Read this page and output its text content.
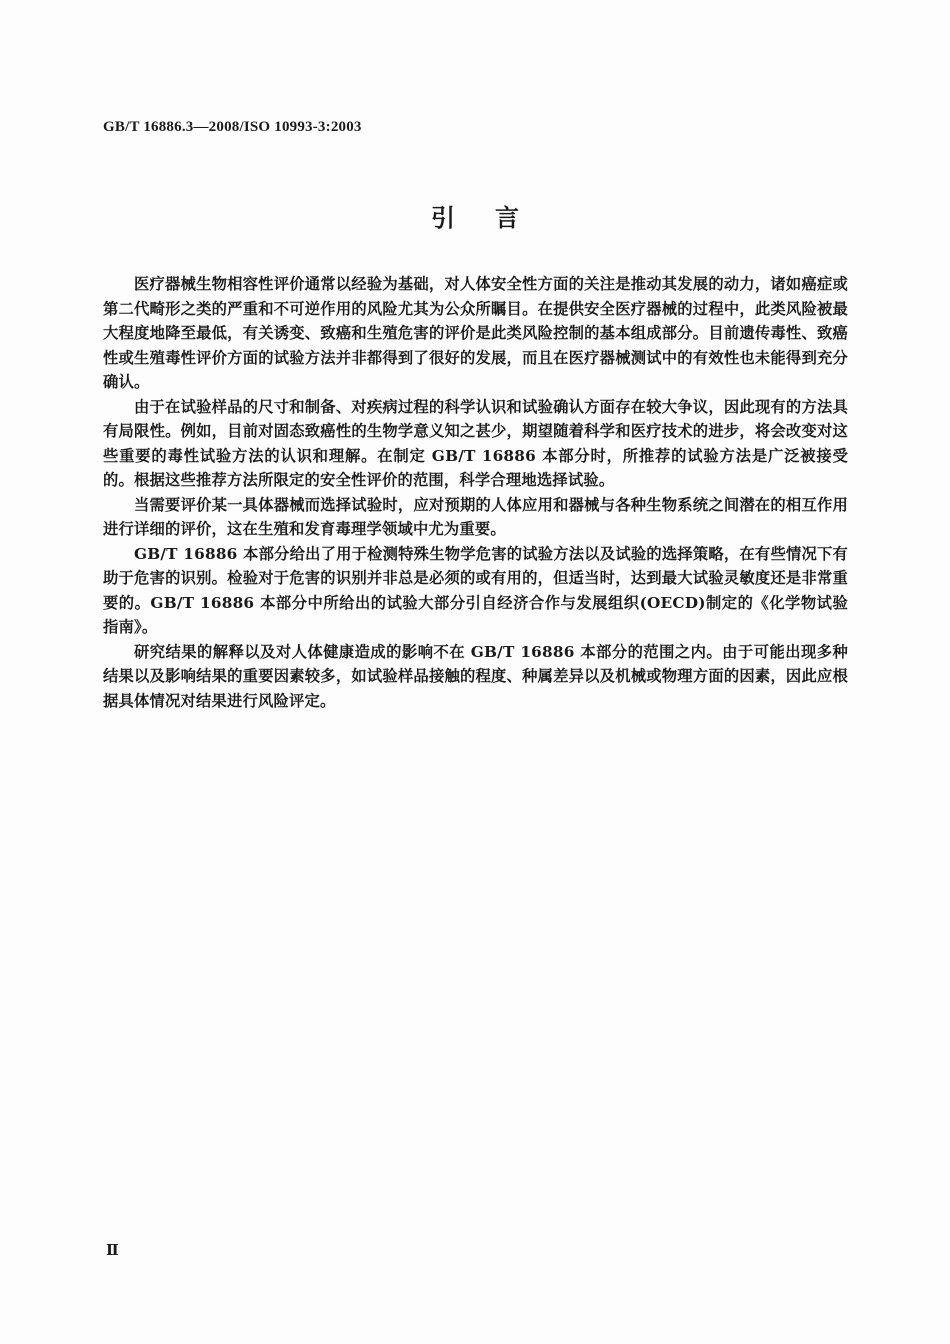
GB/T 16886.3—2008/ISO 10993-3:2003
引言

医疗器械生物相容性评价通常以经验为基础，对人体安全性方面的关注是推动其发展的动力，诸如癌症或第二代畸形之类的严重和不可逆作用的风险尤其为公众所瞩目。在提供安全医疗器械的过程中，此类风险被最大程度地降至最低，有关诱变、致癌和生殖危害的评价是此类风险控制的基本组成部分。目前遗传毒性、致癌性或生殖毒性评价方面的试验方法并非都得到了很好的发展，而且在医疗器械测试中的有效性也未能得到充分确认。

由于在试验样品的尺寸和制备、对疾病过程的科学认识和试验确认方面存在较大争议，因此现有的方法具有局限性。例如，目前对固态致癌性的生物学意义知之甚少，期望随着科学和医疗技术的进步，将会改变对这些重要的毒性试验方法的认识和理解。在制定 GB/T 16886 本部分时，所推荐的试验方法是广泛被接受的。根据这些推荐方法所限定的安全性评价的范围，科学合理地选择试验。

当需要评价某一具体器械而选择试验时，应对预期的人体应用和器械与各种生物系统之间潜在的相互作用进行详细的评价，这在生殖和发育毒理学领域中尤为重要。

GB/T 16886 本部分给出了用于检测特殊生物学危害的试验方法以及试验的选择策略，在有些情况下有助于危害的识别。检验对于危害的识别并非总是必须的或有用的，但适当时，达到最大试验灵敏度还是非常重要的。GB/T 16886 本部分中所给出的试验大部分引自经济合作与发展组织(OECD)制定的《化学物试验指南》。

研究结果的解释以及对人体健康造成的影响不在 GB/T 16886 本部分的范围之内。由于可能出现多种结果以及影响结果的重要因素较多，如试验样品接触的程度、种属差异以及机械或物理方面的因素，因此应根据具体情况对结果进行风险评定。

Ⅱ
